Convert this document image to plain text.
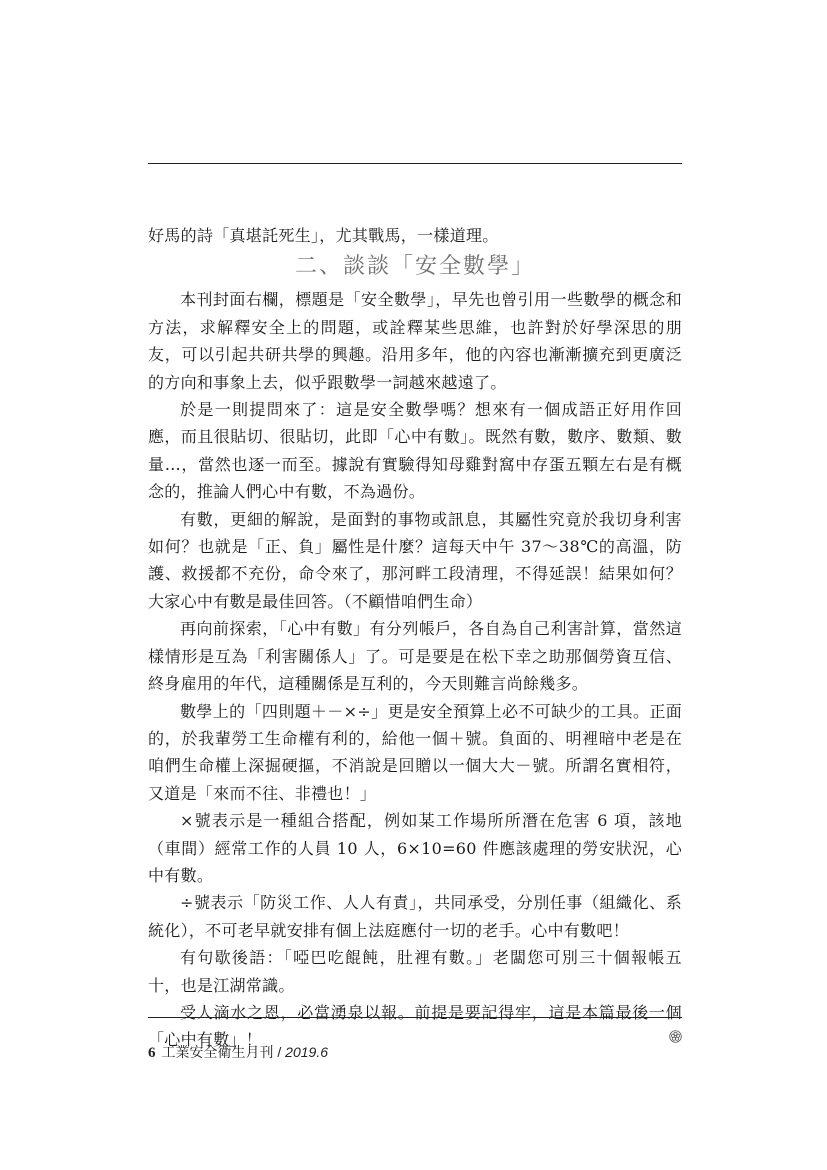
好馬的詩「真堪託死生」，尤其戰馬，一樣道理。

二、談談「安全數學」

本刊封面右欄，標題是「安全數學」，早先也曾引用一些數學的概念和方法，求解釋安全上的問題，或詮釋某些思維，也許對於好學深思的朋友，可以引起共研共學的興趣。沿用多年，他的內容也漸漸擴充到更廣泛的方向和事象上去，似乎跟數學一詞越來越遠了。

於是一則提問來了：這是安全數學嗎？想來有一個成語正好用作回應，而且很貼切、很貼切，此即「心中有數」。既然有數，數序、數類、數量…，當然也逐一而至。據說有實驗得知母雞對窩中存蛋五顆左右是有概念的，推論人們心中有數，不為過份。

有數，更細的解說，是面對的事物或訊息，其屬性究竟於我切身利害如何？也就是「正、負」屬性是什麼？這每天中午 37～38℃的高溫，防護、救援都不充份，命令來了，那河畔工段清理，不得延誤！結果如何？大家心中有數是最佳回答。（不顧惜咱們生命）

再向前探索，「心中有數」有分列帳戶，各自為自己利害計算，當然這樣情形是互為「利害關係人」了。可是要是在松下幸之助那個勞資互信、終身雇用的年代，這種關係是互利的，今天則難言尚餘幾多。

數學上的「四則題＋－×÷」更是安全預算上必不可缺少的工具。正面的，於我輩勞工生命權有利的，給他一個＋號。負面的、明裡暗中老是在咱們生命權上深掘硬摳，不消說是回贈以一個大大－號。所謂名實相符，又道是「來而不往、非禮也！」

×號表示是一種組合搭配，例如某工作場所所潛在危害 6 項，該地（車間）經常工作的人員 10 人，6×10=60 件應該處理的勞安狀況，心中有數。

÷號表示「防災工作、人人有責」，共同承受，分別任事（組織化、系統化），不可老早就安排有個上法庭應付一切的老手。心中有數吧！

有句歇後語：「啞巴吃餛飩，肚裡有數。」老闆您可別三十個報帳五十，也是江湖常識。

受人滴水之恩，必當湧泉以報。前提是要記得牢，這是本篇最後一個「心中有數」！

6 工業安全衛生月刊 / 2019.6
